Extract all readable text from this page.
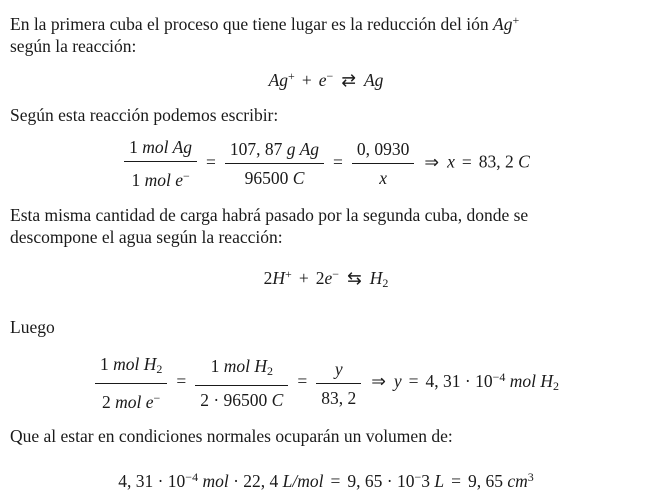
En la primera cuba el proceso que tiene lugar es la reducción del ión Ag+
según la reacción:

Ag+ + e− ⇄ Ag

Según esta reacción podemos escribir:

$\frac{\text{1 mol Ag}}{1 mol e^-} = \frac{\text{107, 87 g Ag}}{96500 C} = \frac{0, 0930}{x}$ ⇒ x = 83, 2 C

Esta misma cantidad de carga habrá pasado por la segunda cuba, donde se
descompone el agua según la reacción:

2H+ + 2e− ⇆ $H_2$

Luego

$\frac{1 mol H_2}{2 mol e^-} = \frac{1 mol H_2}{2 \cdot 96500 C} = \frac{y}{83, 2}$ ⇒ y = 4, $31 \cdot 10^{-4}$ mol $H_2$

Que al estar en condiciones normales ocuparán un volumen de:

4, $31 \cdot 10^{-4}$ mol · 22, 4 L/mol = 9, 65 · 10−3 L = 9, 65 $cm^3$
